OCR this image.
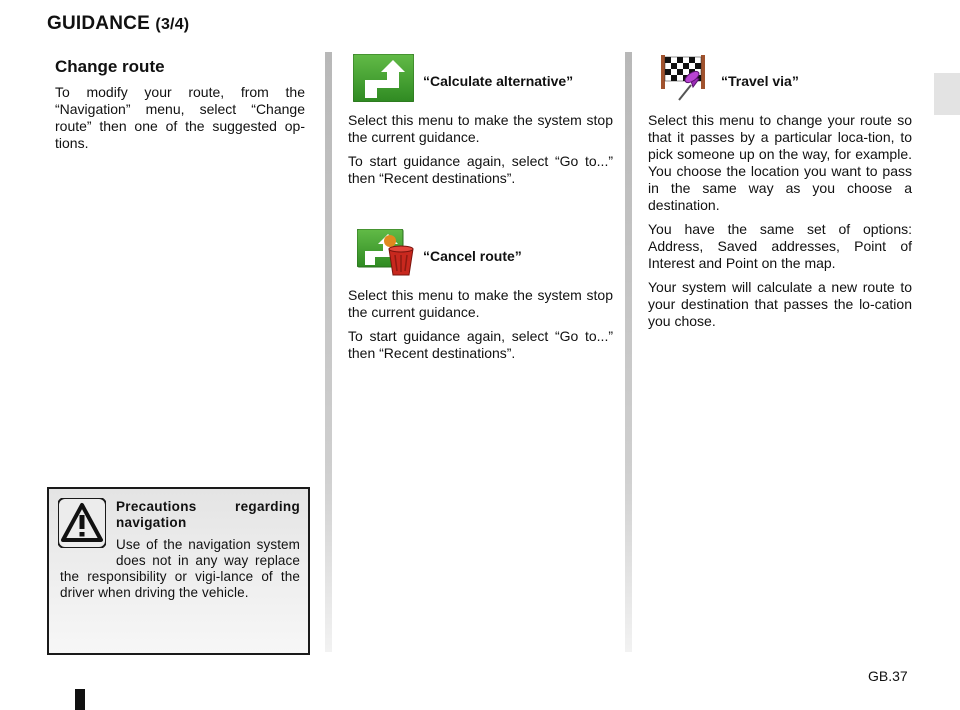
GUIDANCE (3/4)
Change route

To modify your route, from the “Navigation” menu, select “Change route” then one of the suggested op-tions.

Precautions regarding navigation
Use of the navigation system does not in any way replace the responsibility or vigi-lance of the driver when driving the vehicle.
“Calculate alternative”

Select this menu to make the system stop the current guidance.

To start guidance again, select “Go to...” then “Recent destinations”.

“Cancel route”

Select this menu to make the system stop the current guidance.

To start guidance again, select “Go to...” then “Recent destinations”.

“Travel via”

Select this menu to change your route so that it passes by a particular loca-tion, to pick someone up on the way, for example. You choose the location you want to pass in the same way as you choose a destination.

You have the same set of options: Address, Saved addresses, Point of Interest and Point on the map.

Your system will calculate a new route to your destination that passes the lo-cation you chose.

GB.37
